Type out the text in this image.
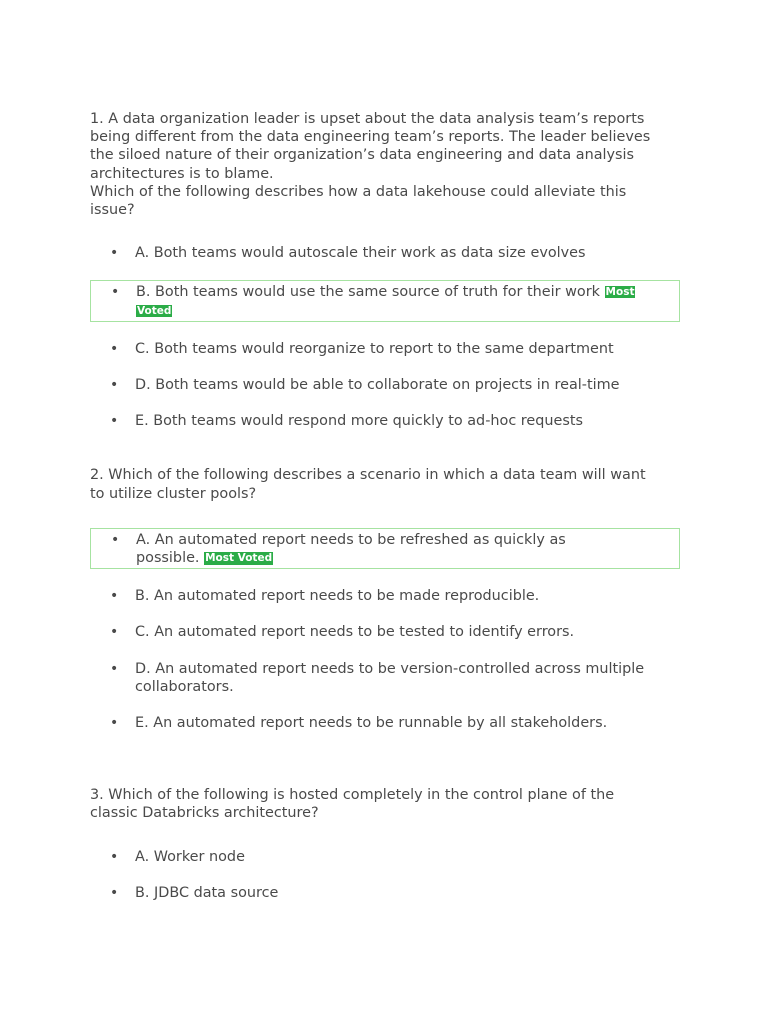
1. A data organization leader is upset about the data analysis team’s reports
being different from the data engineering team’s reports. The leader believes
the siloed nature of their organization’s data engineering and data analysis
architectures is to blame.
Which of the following describes how a data lakehouse could alleviate this
issue?

• A. Both teams would autoscale their work as data size evolves
• B. Both teams would use the same source of truth for their work Most Voted
• C. Both teams would reorganize to report to the same department
• D. Both teams would be able to collaborate on projects in real-time
• E. Both teams would respond more quickly to ad-hoc requests

2. Which of the following describes a scenario in which a data team will want
to utilize cluster pools?

• A. An automated report needs to be refreshed as quickly as
possible. Most Voted
• B. An automated report needs to be made reproducible.
• C. An automated report needs to be tested to identify errors.
• D. An automated report needs to be version-controlled across multiple
collaborators.
• E. An automated report needs to be runnable by all stakeholders.

3. Which of the following is hosted completely in the control plane of the
classic Databricks architecture?

• A. Worker node
• B. JDBC data source
